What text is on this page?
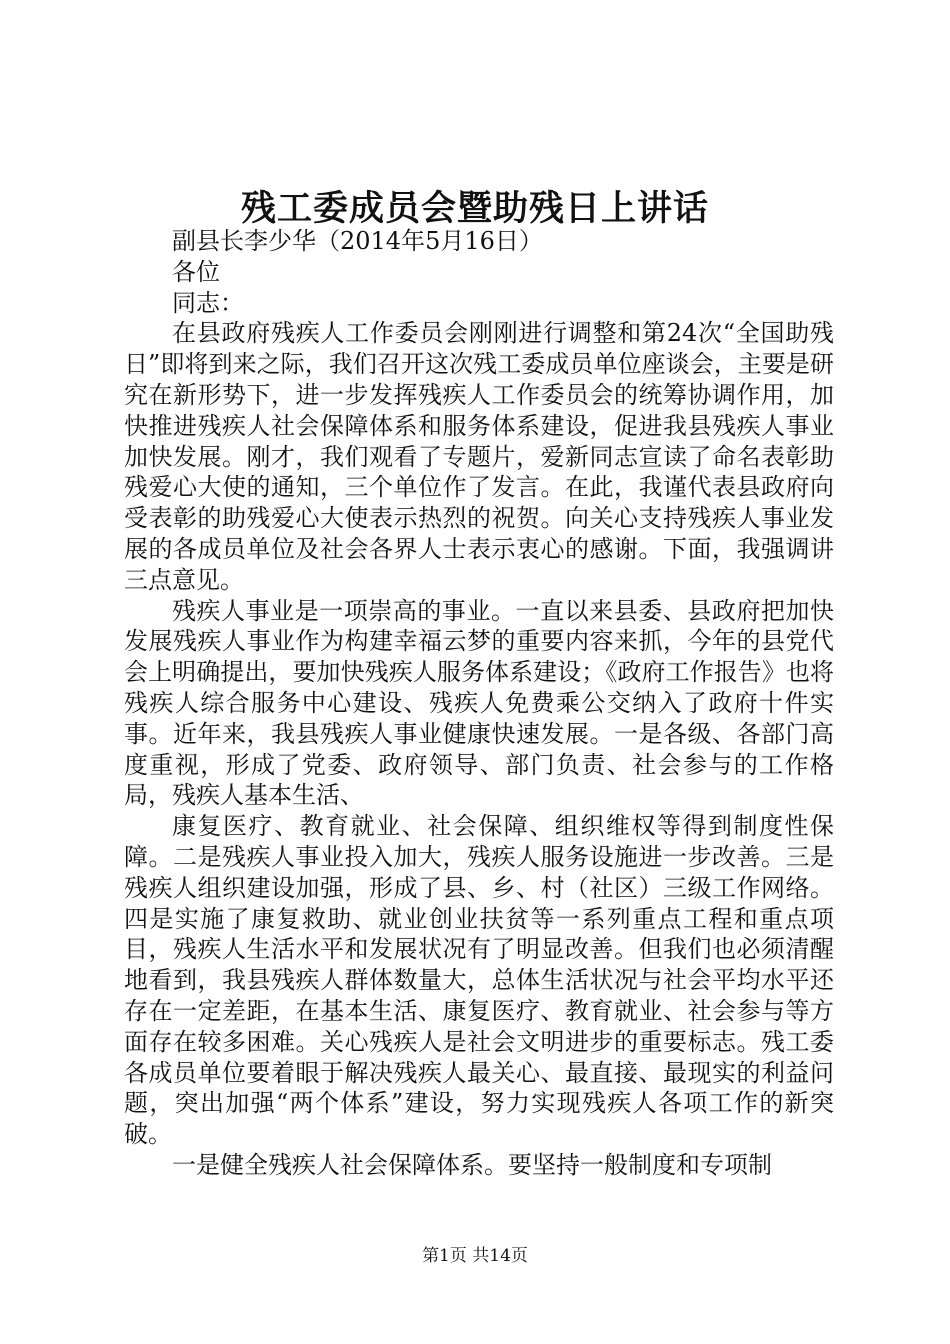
残工委成员会暨助残日上讲话

副县长李少华（2014年5月16日）

各位

同志：

在县政府残疾人工作委员会刚刚进行调整和第24次“全国助残日”即将到来之际，我们召开这次残工委成员单位座谈会，主要是研究在新形势下，进一步发挥残疾人工作委员会的统筹协调作用，加快推进残疾人社会保障体系和服务体系建设，促进我县残疾人事业加快发展。刚才，我们观看了专题片，爱新同志宣读了命名表彰助残爱心大使的通知，三个单位作了发言。在此，我谨代表县政府向受表彰的助残爱心大使表示热烈的祝贺。向关心支持残疾人事业发展的各成员单位及社会各界人士表示衷心的感谢。下面，我强调讲三点意见。

残疾人事业是一项崇高的事业。一直以来县委、县政府把加快发展残疾人事业作为构建幸福云梦的重要内容来抓，今年的县党代会上明确提出，要加快残疾人服务体系建设；《政府工作报告》也将残疾人综合服务中心建设、残疾人免费乘公交纳入了政府十件实事。近年来，我县残疾人事业健康快速发展。一是各级、各部门高度重视，形成了党委、政府领导、部门负责、社会参与的工作格局，残疾人基本生活、

康复医疗、教育就业、社会保障、组织维权等得到制度性保障。二是残疾人事业投入加大，残疾人服务设施进一步改善。三是残疾人组织建设加强，形成了县、乡、村（社区）三级工作网络。四是实施了康复救助、就业创业扶贫等一系列重点工程和重点项目，残疾人生活水平和发展状况有了明显改善。但我们也必须清醒地看到，我县残疾人群体数量大，总体生活状况与社会平均水平还存在一定差距，在基本生活、康复医疗、教育就业、社会参与等方面存在较多困难。关心残疾人是社会文明进步的重要标志。残工委各成员单位要着眼于解决残疾人最关心、最直接、最现实的利益问题，突出加强“两个体系”建设，努力实现残疾人各项工作的新突破。

一是健全残疾人社会保障体系。要坚持一般制度和专项制

第1页 共14页
